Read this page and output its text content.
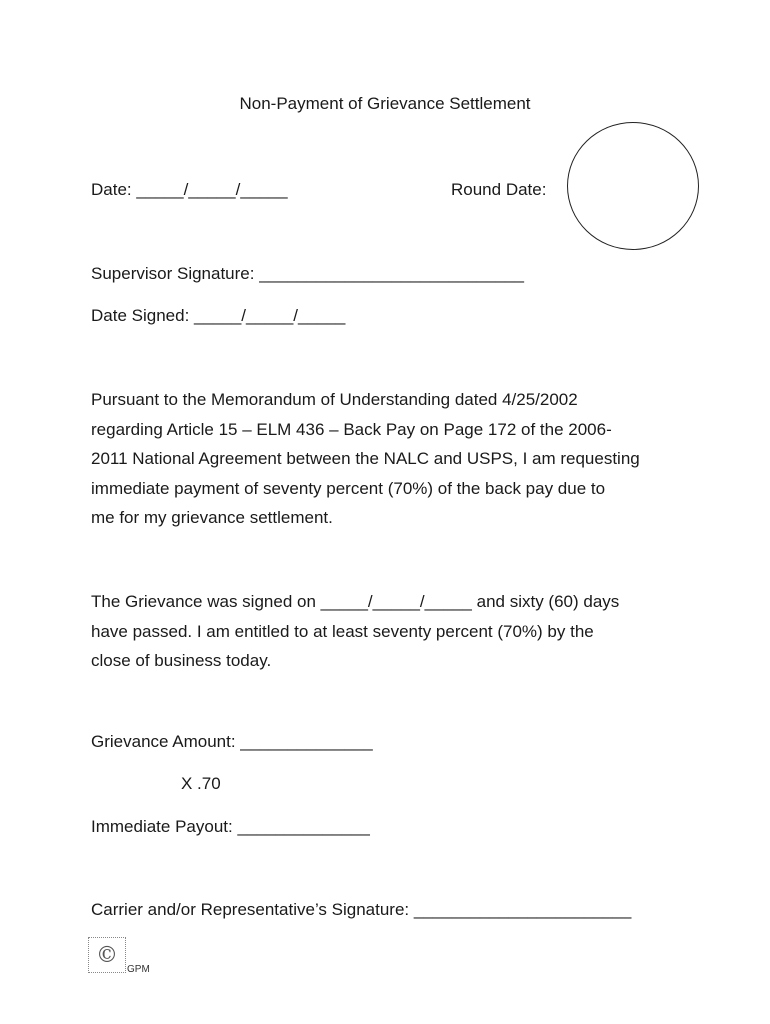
Non-Payment of Grievance Settlement
Date: _____/_____/_____	Round Date:
Supervisor Signature: ____________________________
Date Signed: _____/_____/_____

Pursuant to the Memorandum of Understanding dated 4/25/2002

regarding Article 15 – ELM 436 – Back Pay on Page 172 of the 2006-

2011 National Agreement between the NALC and USPS, I am requesting

immediate payment of seventy percent (70%) of the back pay due to

me for my grievance settlement.

The Grievance was signed on _____/_____/_____ and sixty (60) days

have passed. I am entitled to at least seventy percent (70%) by the

close of business today.

Grievance Amount: ______________
X .70
Immediate Payout: ______________
Carrier and/or Representative’s Signature: _______________________
©
GPM
